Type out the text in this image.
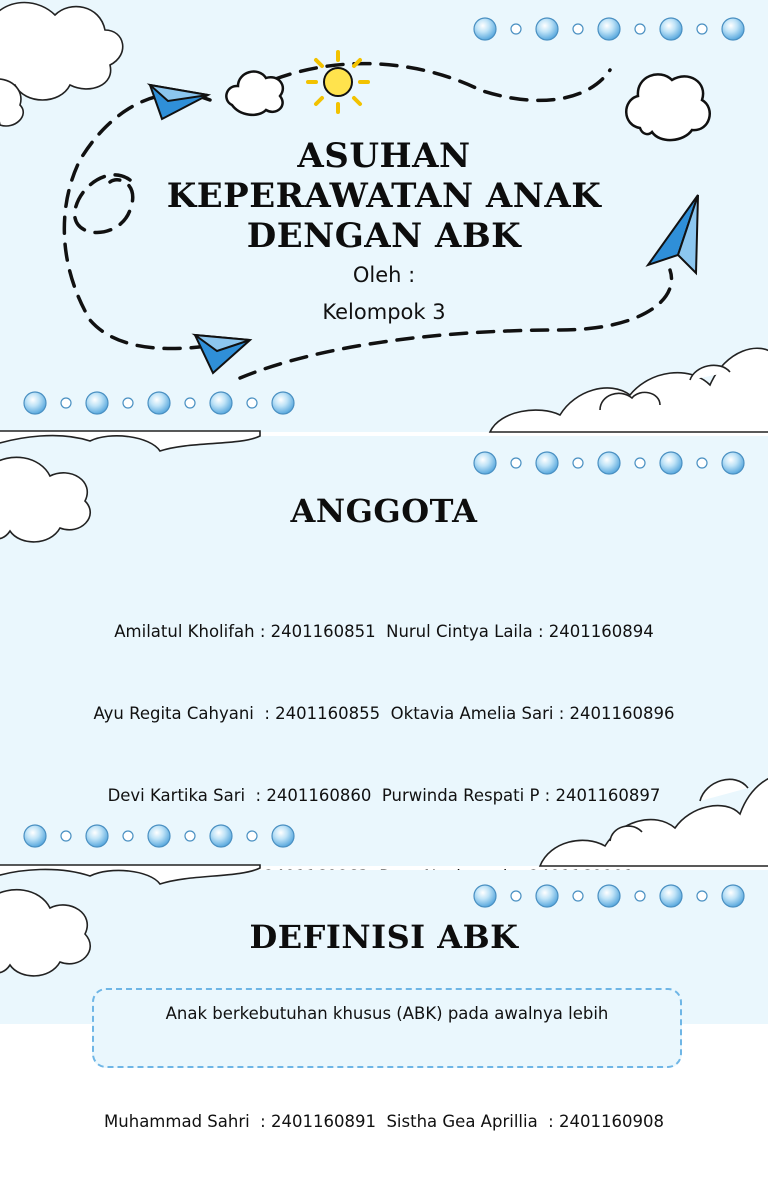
ASUHAN
KEPERAWATAN ANAK
DENGAN ABK
Oleh :
Kelompok 3
ANGGOTA

Amilatul Kholifah : 2401160851  Nurul Cintya Laila : 2401160894

Ayu Regita Cahyani  : 2401160855  Oktavia Amelia Sari : 2401160896

Devi Kartika Sari  : 2401160860  Purwinda Respati P : 2401160897

Muhammad Sahri  : 2401160891  Sistha Gea Aprillia  : 2401160908

DEFINISI ABK
Anak berkebutuhan khusus (ABK) pada awalnya lebih
